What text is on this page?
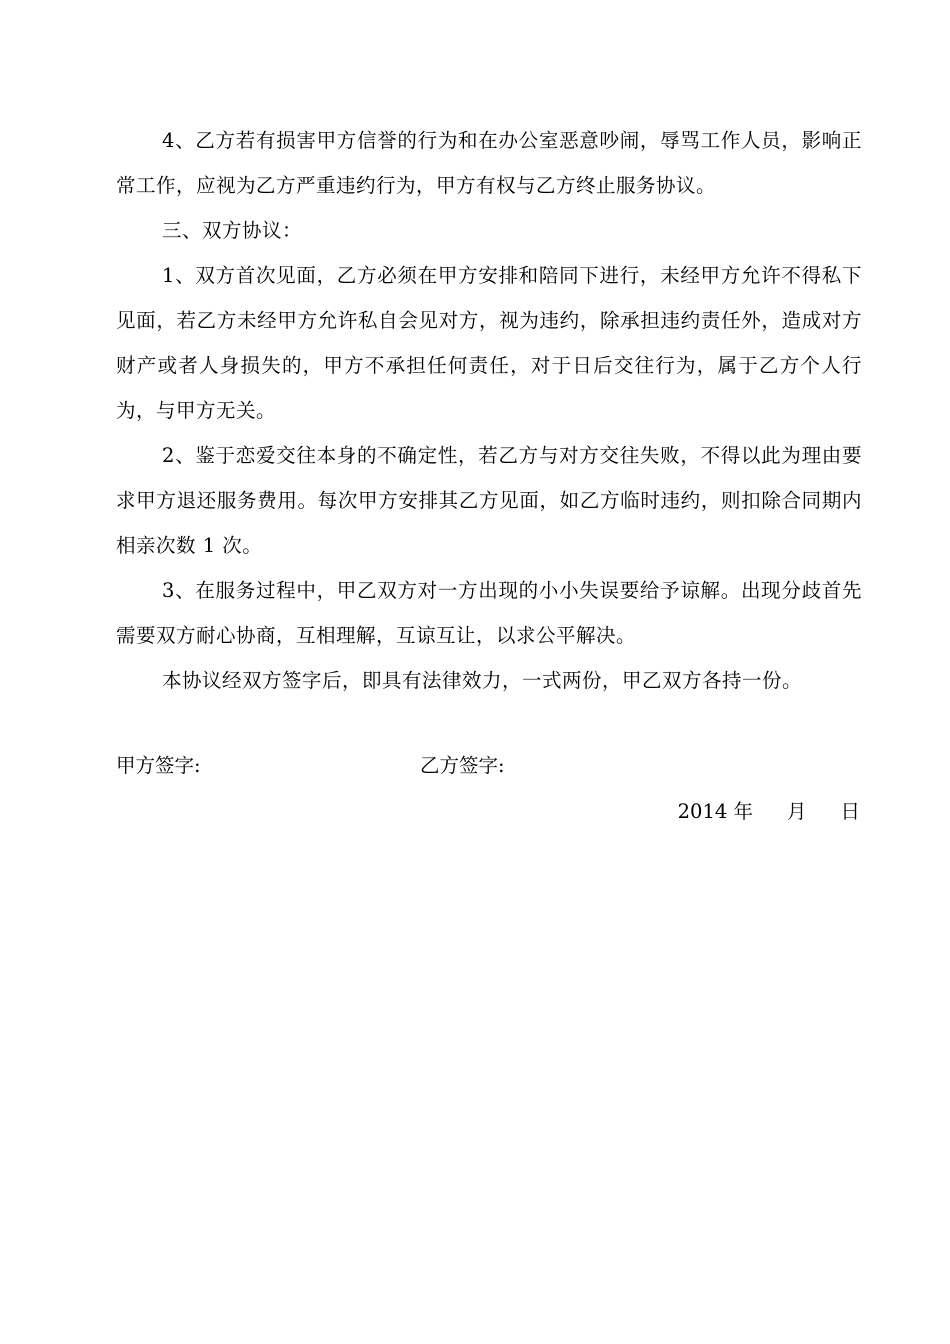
4、乙方若有损害甲方信誉的行为和在办公室恶意吵闹，辱骂工作人员，影响正常工作，应视为乙方严重违约行为，甲方有权与乙方终止服务协议。

三、双方协议：

1、双方首次见面，乙方必须在甲方安排和陪同下进行，未经甲方允许不得私下见面，若乙方未经甲方允许私自会见对方，视为违约，除承担违约责任外，造成对方财产或者人身损失的，甲方不承担任何责任，对于日后交往行为，属于乙方个人行为，与甲方无关。

2、鉴于恋爱交往本身的不确定性，若乙方与对方交往失败，不得以此为理由要求甲方退还服务费用。每次甲方安排其乙方见面，如乙方临时违约，则扣除合同期内相亲次数 1 次。

3、在服务过程中，甲乙双方对一方出现的小小失误要给予谅解。出现分歧首先需要双方耐心协商，互相理解，互谅互让，以求公平解决。

本协议经双方签字后，即具有法律效力，一式两份，甲乙双方各持一份。

甲方签字:	乙方签字:
2014 年 月 日
